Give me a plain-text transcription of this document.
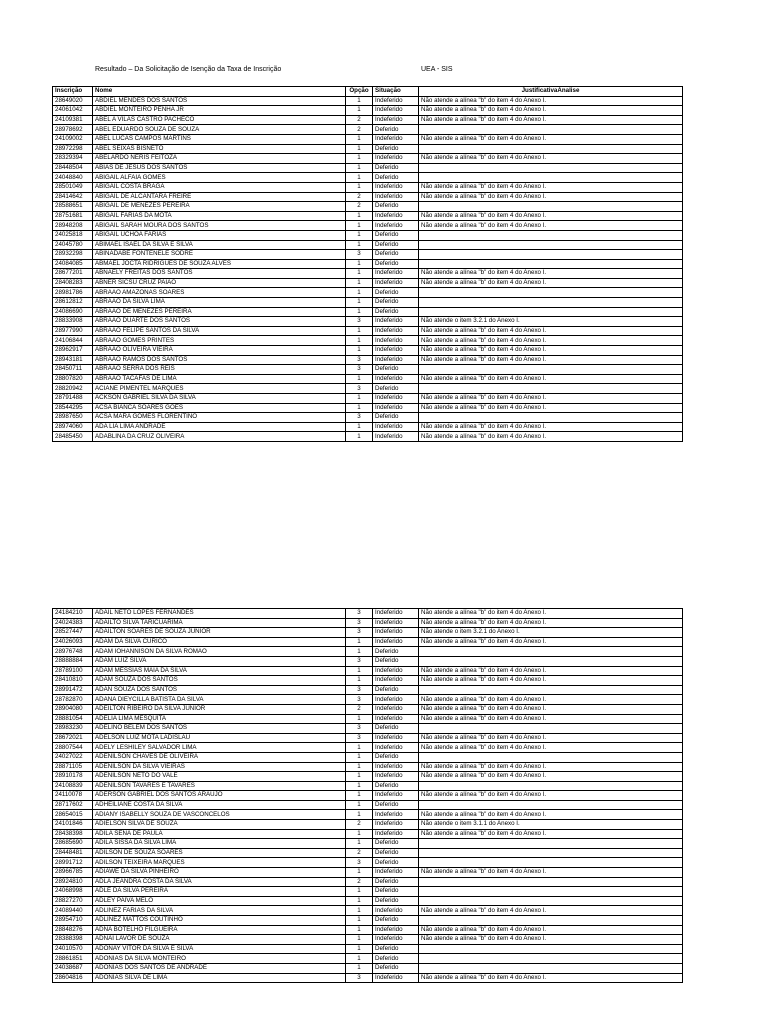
Resultado – Da Solicitação de Isenção da Taxa de Inscrição	UEA - SIS
Inscrição	Nome	Opção	Situação	JustificativaAnalise
28649020	ABDIEL MENDES DOS SANTOS	1	Indeferido	Não atende a alínea "b" do item 4 do Anexo I.
24061042	ABDIEL MONTEIRO PENHA JR	1	Indeferido	Não atende a alínea "b" do item 4 do Anexo I.
24109381	ABEL A VILAS CASTRO PACHECO	2	Indeferido	Não atende a alínea "b" do item 4 do Anexo I.
28978692	ABEL EDUARDO SOUZA DE SOUZA	2	Deferido	
24109002	ABEL LUCAS CAMPOS MARTINS	1	Indeferido	Não atende a alínea "b" do item 4 do Anexo I.
28972298	ABEL SEIXAS BISNETO	1	Deferido	
28329394	ABELARDO NERIS FEITOZA	1	Indeferido	Não atende a alínea "b" do item 4 do Anexo I.
28448504	ABIAS DE JESUS DOS SANTOS	1	Deferido	
24048840	ABIGAIL ALFAIA GOMES	1	Deferido	
28501049	ABIGAIL COSTA BRAGA	1	Indeferido	Não atende a alínea "b" do item 4 do Anexo I.
28414642	ABIGAIL DE ALCANTARA FREIRE	2	Indeferido	Não atende a alínea "b" do item 4 do Anexo I.
28588651	ABIGAIL DE MENEZES PEREIRA	2	Deferido	
28751681	ABIGAIL FARIAS DA MOTA	1	Indeferido	Não atende a alínea "b" do item 4 do Anexo I.
28948208	ABIGAIL SARAH MOURA DOS SANTOS	1	Indeferido	Não atende a alínea "b" do item 4 do Anexo I.
24025818	ABIGAIL UCHOA FARIAS	1	Deferido	
24045780	ABIMAEL ISAEL DA SILVA E SILVA	1	Deferido	
28932298	ABINADABE FONTENELE SODRE	3	Deferido	
24084085	ABMAEL JOCTA RIDRIGUES DE SOUZA ALVES	1	Deferido	
28677201	ABNAELY FREITAS DOS SANTOS	1	Indeferido	Não atende a alínea "b" do item 4 do Anexo I.
28408283	ABNER SICSU CRUZ PAIAO	1	Indeferido	Não atende a alínea "b" do item 4 do Anexo I.
28981786	ABRAAO AMAZONAS SOARES	1	Deferido	
28612812	ABRAAO DA SILVA LIMA	1	Deferido	
24086690	ABRAAO DE MENEZES PEREIRA	1	Deferido	
28833908	ABRAAO DUARTE DOS SANTOS	3	Indeferido	Não atende o item 3.2.1 do Anexo I.
28977990	ABRAAO FELIPE SANTOS DA SILVA	1	Indeferido	Não atende a alínea "b" do item 4 do Anexo I.
24106844	ABRAAO GOMES PRINTES	1	Indeferido	Não atende a alínea "b" do item 4 do Anexo I.
28962917	ABRAAO OLIVEIRA VIEIRA	1	Indeferido	Não atende a alínea "b" do item 4 do Anexo I.
28943181	ABRAAO RAMOS DOS SANTOS	3	Indeferido	Não atende a alínea "b" do item 4 do Anexo I.
28450711	ABRAAO SERRA DOS REIS	3	Deferido	
28807820	ABRAAO TACAFAS DE LIMA	1	Indeferido	Não atende a alínea "b" do item 4 do Anexo I.
28820942	ACIANE PIMENTEL MARQUES	3	Deferido	
28791488	ACKSON GABRIEL SILVA DA SILVA	1	Indeferido	Não atende a alínea "b" do item 4 do Anexo I.
28544295	ACSA BIANCA SOARES GOES	1	Indeferido	Não atende a alínea "b" do item 4 do Anexo I.
28987650	ACSA MARA GOMES FLORENTINO	3	Deferido	
28974060	ADA LIA LIMA ANDRADE	1	Indeferido	Não atende a alínea "b" do item 4 do Anexo I.
28485450	ADABLINA DA CRUZ OLIVEIRA	1	Indeferido	Não atende a alínea "b" do item 4 do Anexo I.
24184210	ADAIL NETO LOPES FERNANDES	3	Indeferido	Não atende a alínea "b" do item 4 do Anexo I.
24024383	ADAILTO SILVA TARICUARIMA	3	Indeferido	Não atende a alínea "b" do item 4 do Anexo I.
28527447	ADAILTON SOARES DE SOUZA JUNIOR	3	Indeferido	Não atende o item 3.2.1 do Anexo I.
24026093	ADAM DA SILVA CURICO	1	Indeferido	Não atende a alínea "b" do item 4 do Anexo I.
28976748	ADAM IOHANNISON DA SILVA ROMAO	1	Deferido	
28888884	ADAM LUIZ SILVA	3	Deferido	
28789100	ADAM MESSIAS MAIA DA SILVA	1	Indeferido	Não atende a alínea "b" do item 4 do Anexo I.
28410810	ADAM SOUZA DOS SANTOS	1	Indeferido	Não atende a alínea "b" do item 4 do Anexo I.
28991472	ADAN SOUZA DOS SANTOS	3	Deferido	
28782870	ADANA DIEYCILLA BATISTA DA SILVA	3	Indeferido	Não atende a alínea "b" do item 4 do Anexo I.
28904080	ADEILTON RIBEIRO DA SILVA JUNIOR	2	Indeferido	Não atende a alínea "b" do item 4 do Anexo I.
28881054	ADELIA LIMA MESQUITA	1	Indeferido	Não atende a alínea "b" do item 4 do Anexo I.
28983230	ADELINO BELEM DOS SANTOS	3	Deferido	
28672021	ADELSON LUIZ MOTA LADISLAU	3	Indeferido	Não atende a alínea "b" do item 4 do Anexo I.
28807544	ADELY LESHILEY SALVADOR LIMA	1	Indeferido	Não atende a alínea "b" do item 4 do Anexo I.
24027022	ADENILSON CHAVES DE OLIVEIRA	1	Deferido	
28871105	ADENILSON DA SILVA VIEIRAS	1	Indeferido	Não atende a alínea "b" do item 4 do Anexo I.
28910178	ADENILSON NETO DO VALE	1	Indeferido	Não atende a alínea "b" do item 4 do Anexo I.
24108839	ADENILSON TAVARES E TAVARES	1	Deferido	
24110078	ADERSON GABRIEL DOS SANTOS ARAUJO	1	Indeferido	Não atende a alínea "b" do item 4 do Anexo I.
28717602	ADHEILIANE COSTA DA SILVA	1	Deferido	
28654015	ADIANY ISABELLY SOUZA DE VASCONCELOS	1	Indeferido	Não atende a alínea "b" do item 4 do Anexo I.
24101846	ADIELSON SILVA DE SOUZA	2	Indeferido	Não atende o item 3.1.1 do Anexo I.
28438398	ADILA SENA DE PAULA	1	Indeferido	Não atende a alínea "b" do item 4 do Anexo I.
28685690	ADILA SISSA DA SILVA LIMA	1	Deferido	
28448481	ADILSON DE SOUZA SOARES	2	Deferido	
28991712	ADILSON TEIXEIRA MARQUES	3	Deferido	
28966785	ADIAWE DA SILVA PINHEIRO	1	Indeferido	Não atende a alínea "b" do item 4 do Anexo I.
28924810	ADLA JEANDRA COSTA DA SILVA	2	Deferido	
24068998	ADLE DA SILVA PEREIRA	1	Deferido	
28827270	ADLEY PAIVA MELO	1	Deferido	
24089440	ADLINEZ FARIAS DA SILVA	1	Indeferido	Não atende a alínea "b" do item 4 do Anexo I.
28954710	ADLINEZ MATTOS COUTINHO	1	Deferido	
28848276	ADNA BOTELHO FILGUEIRA	1	Indeferido	Não atende a alínea "b" do item 4 do Anexo I.
28388398	ADNAI LAVOR DE SOUZA	1	Indeferido	Não atende a alínea "b" do item 4 do Anexo I.
24010570	ADONAY VITOR DA SILVA E SILVA	1	Deferido	
28861851	ADONIAS DA SILVA MONTEIRO	1	Deferido	
24038687	ADONIAS DOS SANTOS DE ANDRADE	1	Deferido	
28604816	ADONIAS SILVA DE LIMA	3	Indeferido	Não atende a alínea "b" do item 4 do Anexo I.
